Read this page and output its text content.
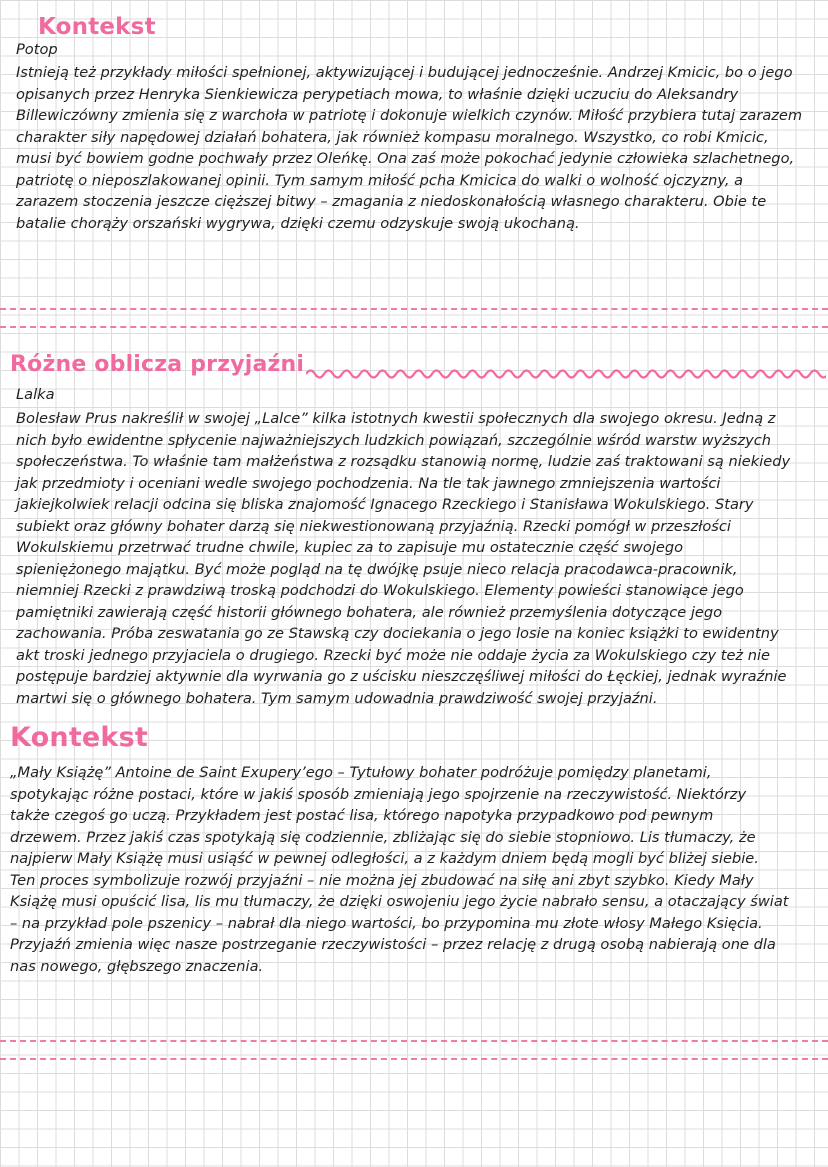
Kontekst
Potop
Istnieją też przykłady miłości spełnionej, aktywizującej i budującej jednocześnie. Andrzej Kmicic, bo o jego
opisanych przez Henryka Sienkiewicza perypetiach mowa, to właśnie dzięki uczuciu do Aleksandry
Billewiczówny zmienia się z warchoła w patriotę i dokonuje wielkich czynów. Miłość przybiera tutaj zarazem
charakter siły napędowej działań bohatera, jak również kompasu moralnego. Wszystko, co robi Kmicic,
musi być bowiem godne pochwały przez Oleńkę. Ona zaś może pokochać jedynie człowieka szlachetnego,
patriotę o nieposzlakowanej opinii. Tym samym miłość pcha Kmicica do walki o wolność ojczyzny, a
zarazem stoczenia jeszcze cięższej bitwy – zmagania z niedoskonałością własnego charakteru. Obie te
batalie chorąży orszański wygrywa, dzięki czemu odzyskuje swoją ukochaną.
Różne oblicza przyjaźni
Lalka
Bolesław Prus nakreślił w swojej „Lalce” kilka istotnych kwestii społecznych dla swojego okresu. Jedną z
nich było ewidentne spłycenie najważniejszych ludzkich powiązań, szczególnie wśród warstw wyższych
społeczeństwa. To właśnie tam małżeństwa z rozsądku stanowią normę, ludzie zaś traktowani są niekiedy
jak przedmioty i oceniani wedle swojego pochodzenia. Na tle tak jawnego zmniejszenia wartości
jakiejkolwiek relacji odcina się bliska znajomość Ignacego Rzeckiego i Stanisława Wokulskiego. Stary
subiekt oraz główny bohater darzą się niekwestionowaną przyjaźnią. Rzecki pomógł w przeszłości
Wokulskiemu przetrwać trudne chwile, kupiec za to zapisuje mu ostatecznie część swojego
spieniężonego majątku. Być może pogląd na tę dwójkę psuje nieco relacja pracodawca-pracownik,
niemniej Rzecki z prawdziwą troską podchodzi do Wokulskiego. Elementy powieści stanowiące jego
pamiętniki zawierają część historii głównego bohatera, ale również przemyślenia dotyczące jego
zachowania. Próba zeswatania go ze Stawską czy dociekania o jego losie na koniec książki to ewidentny
akt troski jednego przyjaciela o drugiego. Rzecki być może nie oddaje życia za Wokulskiego czy też nie
postępuje bardziej aktywnie dla wyrwania go z uścisku nieszczęśliwej miłości do Łęckiej, jednak wyraźnie
martwi się o głównego bohatera. Tym samym udowadnia prawdziwość swojej przyjaźni.
Kontekst
„Mały Książę” Antoine de Saint Exupery’ego – Tytułowy bohater podróżuje pomiędzy planetami,
spotykając różne postaci, które w jakiś sposób zmieniają jego spojrzenie na rzeczywistość. Niektórzy
także czegoś go uczą. Przykładem jest postać lisa, którego napotyka przypadkowo pod pewnym
drzewem. Przez jakiś czas spotykają się codziennie, zbliżając się do siebie stopniowo. Lis tłumaczy, że
najpierw Mały Książę musi usiąść w pewnej odległości, a z każdym dniem będą mogli być bliżej siebie.
Ten proces symbolizuje rozwój przyjaźni – nie można jej zbudować na siłę ani zbyt szybko. Kiedy Mały
Książę musi opuścić lisa, lis mu tłumaczy, że dzięki oswojeniu jego życie nabrało sensu, a otaczający świat
– na przykład pole pszenicy – nabrał dla niego wartości, bo przypomina mu złote włosy Małego Księcia.
Przyjaźń zmienia więc nasze postrzeganie rzeczywistości – przez relację z drugą osobą nabierają one dla
nas nowego, głębszego znaczenia.
